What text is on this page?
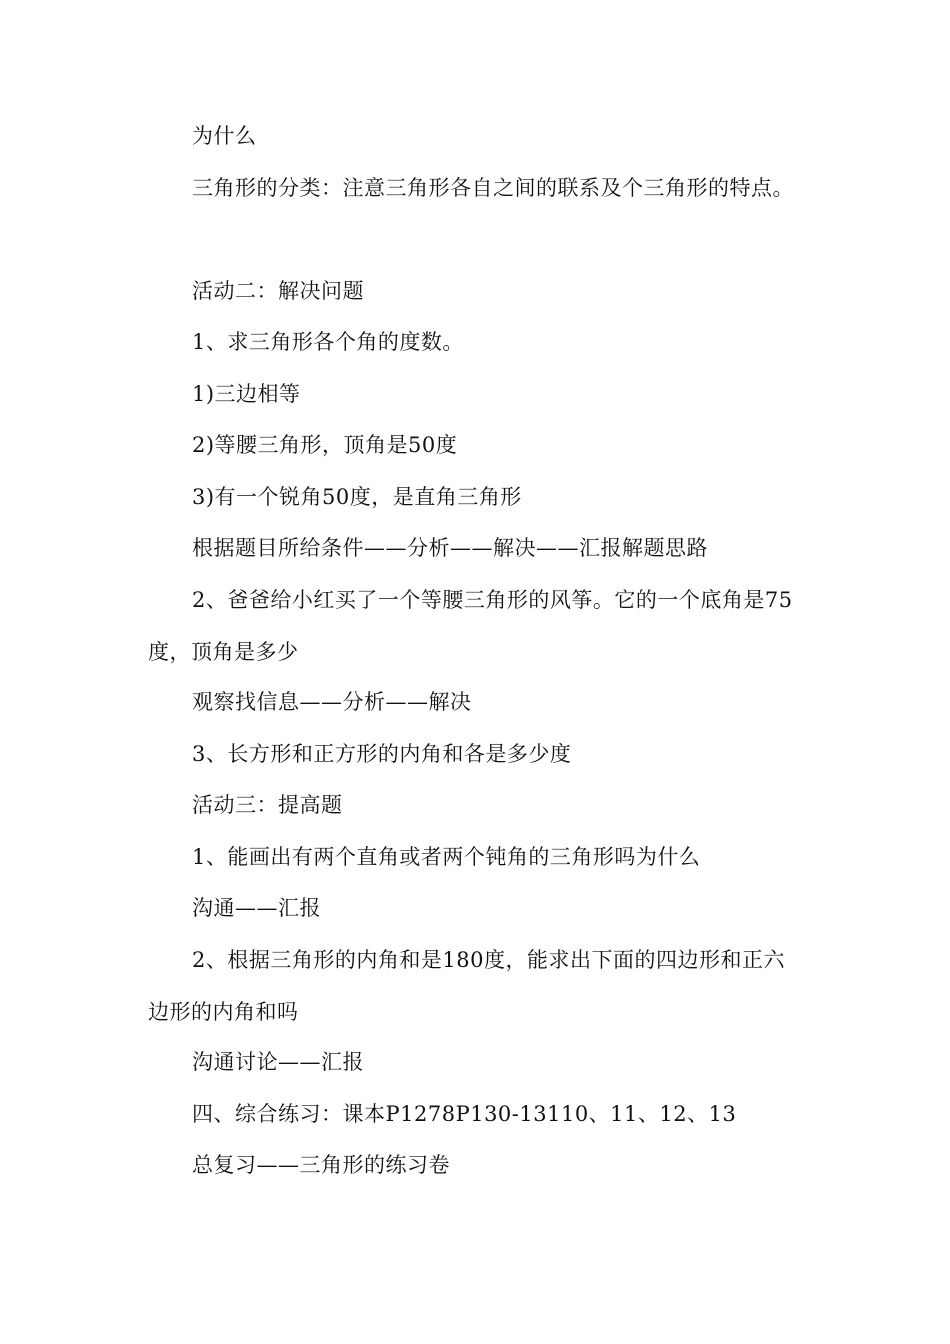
为什么

三角形的分类：注意三角形各自之间的联系及个三角形的特点。

活动二：解决问题

1、求三角形各个角的度数。

1)三边相等

2)等腰三角形，顶角是50度

3)有一个锐角50度，是直角三角形

根据题目所给条件——分析——解决——汇报解题思路

2、爸爸给小红买了一个等腰三角形的风筝。它的一个底角是75度，顶角是多少

观察找信息——分析——解决

3、长方形和正方形的内角和各是多少度

活动三：提高题

1、能画出有两个直角或者两个钝角的三角形吗为什么

沟通——汇报

2、根据三角形的内角和是180度，能求出下面的四边形和正六边形的内角和吗

沟通讨论——汇报

四、综合练习：课本P1278P130-13110、11、12、13

总复习——三角形的练习卷
